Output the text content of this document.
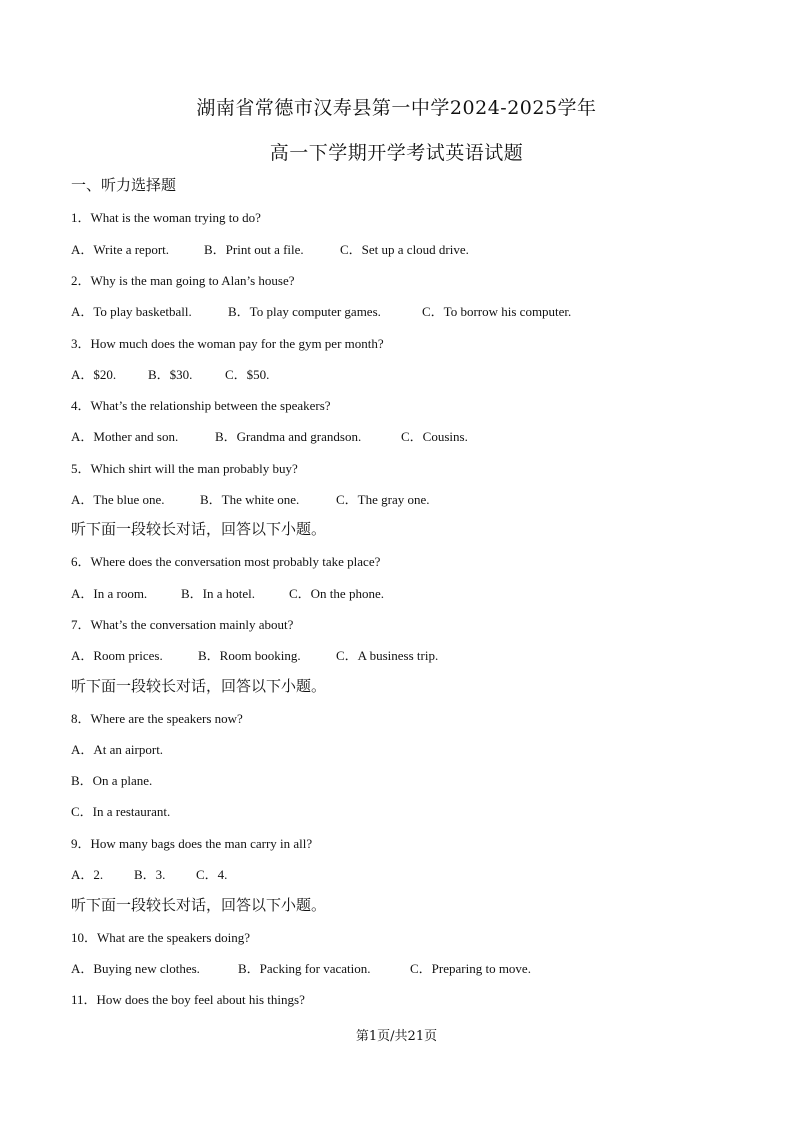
湖南省常德市汉寿县第一中学2024-2025学年
高一下学期开学考试英语试题
一、听力选择题
1．What is the woman trying to do?
A．Write a report.	B．Print out a file.	C．Set up a cloud drive.
2．Why is the man going to Alan’s house?
A．To play basketball.	B．To play computer games.	C．To borrow his computer.
3．How much does the woman pay for the gym per month?
A．$20. B．$30.	C．$50.
4．What’s the relationship between the speakers?
A．Mother and son.	B．Grandma and grandson.	C．Cousins.
5．Which shirt will the man probably buy?
A．The blue one.	B．The white one.	C．The gray one.
听下面一段较长对话，回答以下小题。
6．Where does the conversation most probably take place?
A．In a room.	B．In a hotel.	C．On the phone.
7．What’s the conversation mainly about?
A．Room prices.	B．Room booking.	C．A business trip.
听下面一段较长对话，回答以下小题。
8．Where are the speakers now?
A．At an airport.
B．On a plane.
C．In a restaurant.
9．How many bags does the man carry in all?
A．2. B．3. C．4.
听下面一段较长对话，回答以下小题。
10．What are the speakers doing?
A．Buying new clothes.	B．Packing for vacation.	C．Preparing to move.
11．How does the boy feel about his things?
第1页/共21页
